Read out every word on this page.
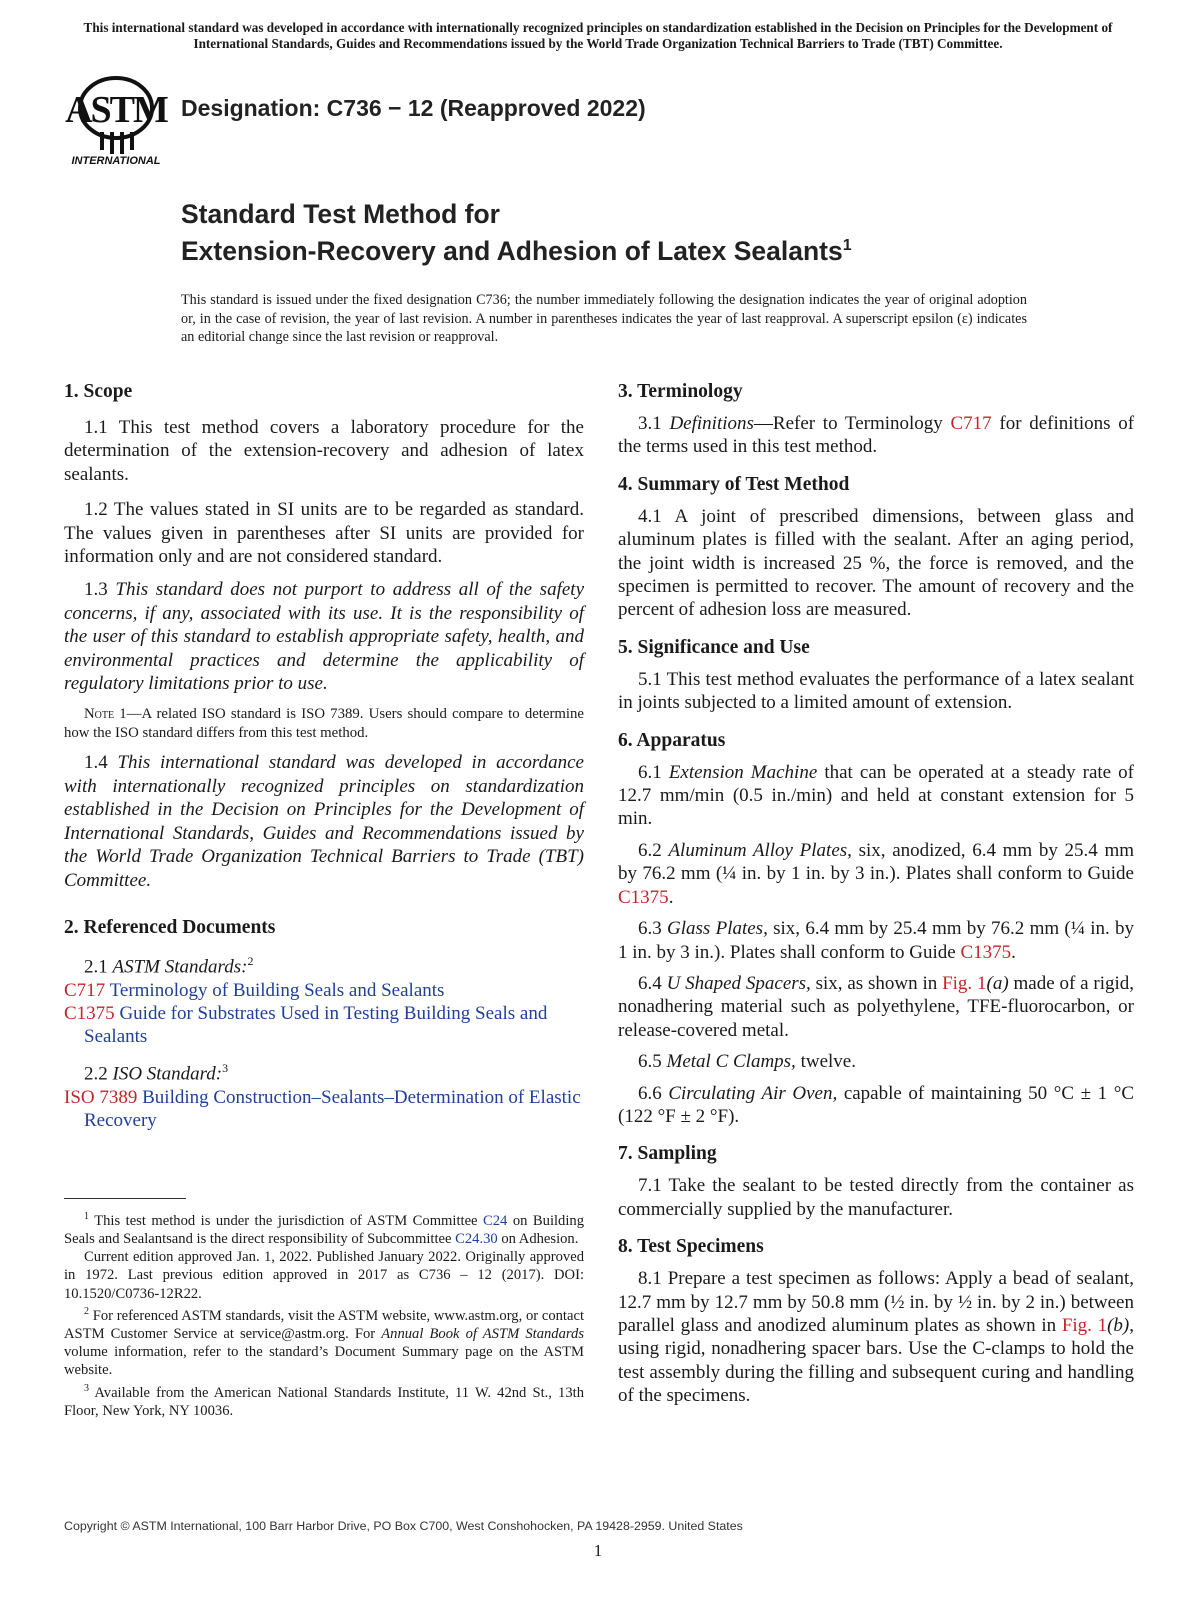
This international standard was developed in accordance with internationally recognized principles on standardization established in the Decision on Principles for the Development of International Standards, Guides and Recommendations issued by the World Trade Organization Technical Barriers to Trade (TBT) Committee.
ASTM
INTERNATIONAL
Designation: C736 − 12 (Reapproved 2022)
Standard Test Method for
Extension-Recovery and Adhesion of Latex Sealants$^1$
This standard is issued under the fixed designation C736; the number immediately following the designation indicates the year of original adoption or, in the case of revision, the year of last revision. A number in parentheses indicates the year of last reapproval. A superscript epsilon (ε) indicates an editorial change since the last revision or reapproval.
1. Scope

1.1 This test method covers a laboratory procedure for the determination of the extension-recovery and adhesion of latex sealants.

1.2 The values stated in SI units are to be regarded as standard. The values given in parentheses after SI units are provided for information only and are not considered standard.

1.3 This standard does not purport to address all of the safety concerns, if any, associated with its use. It is the responsibility of the user of this standard to establish appropriate safety, health, and environmental practices and determine the applicability of regulatory limitations prior to use.

Note 1—A related ISO standard is ISO 7389. Users should compare to determine how the ISO standard differs from this test method.

1.4 This international standard was developed in accordance with internationally recognized principles on standardization established in the Decision on Principles for the Development of International Standards, Guides and Recommendations issued by the World Trade Organization Technical Barriers to Trade (TBT) Committee.

2. Referenced Documents

2.1 ASTM Standards:$^2$

C717 Terminology of Building Seals and Sealants

C1375 Guide for Substrates Used in Testing Building Seals and Sealants

2.2 ISO Standard:$^3$

ISO 7389 Building Construction–Sealants–Determination of Elastic Recovery

$^1$ This test method is under the jurisdiction of ASTM Committee C24 on Building Seals and Sealantsand is the direct responsibility of Subcommittee C24.30 on Adhesion.

Current edition approved Jan. 1, 2022. Published January 2022. Originally approved in 1972. Last previous edition approved in 2017 as C736 – 12 (2017). DOI: 10.1520/C0736-12R22.

$^2$ For referenced ASTM standards, visit the ASTM website, www.astm.org, or contact ASTM Customer Service at service@astm.org. For Annual Book of ASTM Standards volume information, refer to the standard’s Document Summary page on the ASTM website.

$^3$ Available from the American National Standards Institute, 11 W. 42nd St., 13th Floor, New York, NY 10036.

3. Terminology

3.1 Definitions—Refer to Terminology C717 for definitions of the terms used in this test method.

4. Summary of Test Method

4.1 A joint of prescribed dimensions, between glass and aluminum plates is filled with the sealant. After an aging period, the joint width is increased 25 %, the force is removed, and the specimen is permitted to recover. The amount of recovery and the percent of adhesion loss are measured.

5. Significance and Use

5.1 This test method evaluates the performance of a latex sealant in joints subjected to a limited amount of extension.

6. Apparatus

6.1 Extension Machine that can be operated at a steady rate of 12.7 mm/min (0.5 in./min) and held at constant extension for 5 min.

6.2 Aluminum Alloy Plates, six, anodized, 6.4 mm by 25.4 mm by 76.2 mm (¼ in. by 1 in. by 3 in.). Plates shall conform to Guide C1375.

6.3 Glass Plates, six, 6.4 mm by 25.4 mm by 76.2 mm (¼ in. by 1 in. by 3 in.). Plates shall conform to Guide C1375.

6.4 U Shaped Spacers, six, as shown in Fig. 1(a) made of a rigid, nonadhering material such as polyethylene, TFE-fluorocarbon, or release-covered metal.

6.5 Metal C Clamps, twelve.

6.6 Circulating Air Oven, capable of maintaining 50 °C ± 1 °C (122 °F ± 2 °F).

7. Sampling

7.1 Take the sealant to be tested directly from the container as commercially supplied by the manufacturer.

8. Test Specimens

8.1 Prepare a test specimen as follows: Apply a bead of sealant, 12.7 mm by 12.7 mm by 50.8 mm (½ in. by ½ in. by 2 in.) between parallel glass and anodized aluminum plates as shown in Fig. 1(b), using rigid, nonadhering spacer bars. Use the C-clamps to hold the test assembly during the filling and subsequent curing and handling of the specimens.

Copyright © ASTM International, 100 Barr Harbor Drive, PO Box C700, West Conshohocken, PA 19428-2959. United States
1
